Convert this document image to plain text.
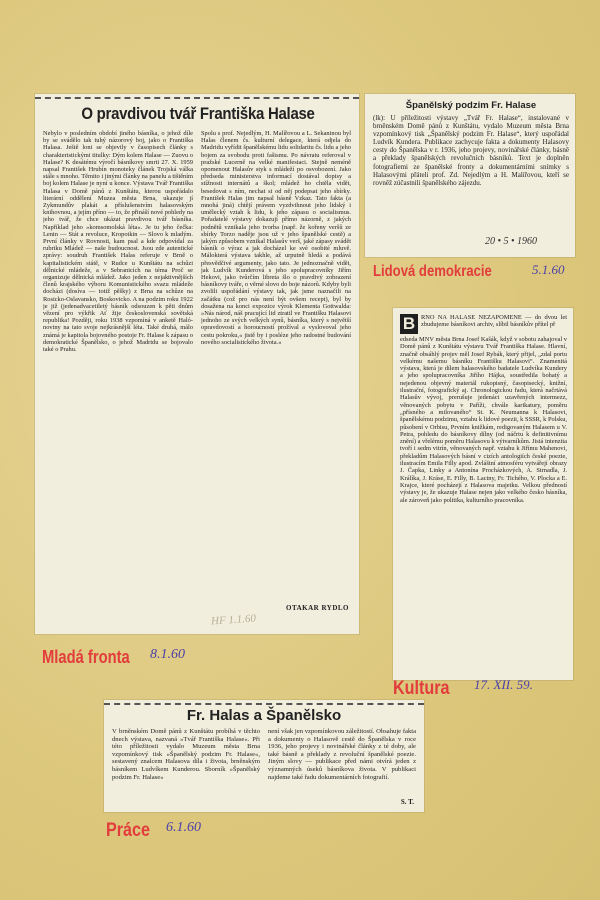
O pravdivou tvář Františka Halase

Nebylo v posledním období jiného básníka, o jehož díle by se svádělo tak tuhý názorový boj, jako o Františka Halasa. Ještě loni se objevily v časopisech články s charakteristickými titulky: Dým kolem Halase — Zuovu o Halase? K desátému výročí básníkovy smrti 27. X. 1959 napsal František Hrubín monoteky článek Trojská válka stále s mnoho. Těmito i jinými články na panelu a tištěním boj kolem Halase je nyní u konce. Výstava Tvář Františka Halasa v Domě pánů z Kunštátu, kterou uspořádalo literární oddělení Muzea města Brna, ukazuje jí Zykmundův plakát a příslušenstvím halasovským knihovnou, a jejím příno — to, že přináší nové pohledy na jeho tvář, že chce ukázat pravdivou tvář básníka. Například jeho »komsomolská léta«. Je tu jeho čečka: Lenin — Stát a revoluce, Kropotkin — Slovo k mladým. První články v Rovnosti, kam psal a kde odpovídal za rubriku Mládež — naše budoucnost. Jsou zde autentické zprávy: soudruh František Halas referuje v Brně o kapitalistickém státě, v Rudce u Kunštátu na schůzi dělnické mládeže, a v Sebranicích na téma Proč se organizuje dělnická mládež. Jako jeden z nejaktivnějších členů krajského výboru Komunistického svazu mládeže docházi (dosíva — totiž pěšky) z Brna na schůze na Rosicko-Oslavansko, Boskovicko. A na podzim roku 1922 je již (jedenadvacetiletý básník odsouzen k pěti dnům vězení pro výkřik Ať žije československá sovětská republika! Později, roku 1938 vzpomíná v anketě Haló-noviny na tato svoje nejkrásnější léta. Také druhá, málo známá je kapitola bojovného postoje Fr. Halase k zápasu o demokratické Španělsko, o jehož Madridu se bojovalo také o Prahu.

Spolu s prof. Nejedlým, H. Malířovou a L. Sekaninou byl Halas členem čs. kulturní delegace, která odjela do Madridu vyřídit španělskému lidu solidaritu čs. lidu a jeho bojem za svobodu proti fašismu. Po návratu referoval v pražské Lucerně na velké manifestaci. Stejně neméně opomenout Halasův styk s mládeží po osvobození. Jako předseda ministerstva informací dostával dopisy a stížnosti internátů a škol; mládež ho chtěla vidět, besedovat s ním, nechat si od něj podepsat jeho sbírky. František Halas jim napsal básně Vzkaz. Tato fakta (a mnohá jiná) chtějí právem vyzdvihnout jeho lidský i umělecký vztah k lidu, k jeho zápasu o socialismus. Pořadatelé výstavy dokazují přímo názorně, z jakých podnětů vznikala jeho tvorba (např. že kořeny veršů ze sbírky Torzo naděje jsou už v jeho španělské cestě) a jakým způsobem vznikal Halasův verš, jaké zápasy svádět básník o výraz a jak docházel ke své osobité mluvě. Málokterá výstava takhle, až urputně hledá a podává přesvědčivé argumenty, jako tato. Je jednoznačně vidět, jak Ludvík Kunderová s jeho spolupracovníky Jiřím Hekovi, jako tvůrčím libreta šlo o pravdivý zobrazení básníkovy tváře, o věrné slovo do boje názorů. Kdyby byli zvolili uspořádání výstavy tak, jak jsme naznačili na začátku (což pro nás není být ovšem recept), byl by dosažena na konci expozice výrok Klementa Gottwalda: »Nás národ, náš pracující lid ztratil ve Františku Halasovi jednoho ze svých velkých synů, básníka, který s největší opravdovostí a horoucností prožíval a vyslovoval jeho cestu pokroku,« jistě by i posléze jeho radostné budování nového socialistického života.«

OTAKAR RYDLO
HF 1.1.60
Mladá fronta 8.1.60
Španělský podzim Fr. Halase

(lk): U příležitosti výstavy „Tvář Fr. Halase“, instalované v brněnském Domě pánů z Kunštátu, vydalo Muzeum města Brna vzpomínkový tisk „Španělský podzim Fr. Halase“, který uspořádal Ludvík Kundera. Publikace zachycuje fakta a dokumenty Halasovy cesty do Španělska v r. 1936, jeho projevy, novinářské články, básně a překlady španělských revolučních básníků. Text je doplněn fotografiemi ze španělské fronty a dokumentárními snímky s Halasovými přáteli prof. Zd. Nejedlým a H. Malířovou, kteří se rovněž zúčastnili španělského zájezdu.

20 • 5 • 1960
Lidová demokracie	5.1.60
B RNO NA HALASE NEZAPOMENE — do dvou let zbudujeme básníkovi archiv, slíbil básníkův přítel př

edseda MNV města Brna Josef Kašák, když v sobotu zahajoval v Domě pánů z Kunštátu výstavu Tvář Františka Halase. Hlavní, značně obsáhlý projev měl Josef Rybák, který přijel, „zdal portu velkému našemu básníku Františku Halasovi“. Znamenitá výstava, která je dílem halasovského badatele Ludvíka Kundery a jeho spolupracovníka Jiřího Hájka, soustředila bohatý a nejedenou objevný materiál rukopisný, časopisecký, knižní, ilustrační, fotografický aj. Chronologickou řadu, která načrtává Halasův vývoj, prerušuje jedenáct uzavřených intermezz, věnovaných pobytu v Paříži, chvále karikatury, poměru „přísného a milovaného“ St. K. Neumanna k Halasovi, španělskému podzimu, vztahu k lidové poezii, k SSSR, k Polsku, působení v Orbisu, Prvním knižkám, redigovaným Halasem u V. Petra, pohledu do básníkovy dílny (od náčrtu k definitivnímu znění) a vřelému poměru Halasovu k výtvarníkům. Jistá intenzita tvoří i sedm vitrín, věnovaných např. vztahu k Jiřímu Mahenovi, překladům Halasových básní v cizích antologiích české poezie, ilustracím Emila Filly apod. Zvláštní atmosféru vytvářejí obrazy J. Čapka, Linky a Antonína Procházkových, A. Strnadla, J. Králíka, J. Kráse, E. Filly, B. Laciny, Fr. Tichého, V. Plocka a E. Krajce, které pocházejí z Halasova majetku. Velkou předností výstavy je, že ukazuje Halase nejen jako velkého česko básníka, ale zároveň jako politika, kulturního pracovníka.

Kultura 17. XII. 59.
Fr. Halas a Španělsko

V brněnském Domě pánů z Kunštátu probíhá v těchto dnech výstava, nazvaná »Tvář Františka Halase«. Při této příležitosti vydalo Muzeum města Brna vzpomínkový tisk »Španělský podzim Fr. Halase«, sestavený znalcem Halasova díla i života, brněnským básníkem Ludvíkem Kunderou. Sborník »Španělský podzim Fr. Halase«

není však jen vzpomínkovou záležitostí. Obsahuje fakta a dokumenty o Halasově cestě do Španělska v roce 1936, jeho projevy i novinářské články z té doby, ale také básně a překlady z revoluční španělské poezie. Jiným slovy — publikace před námi otvírá jeden z významných úseků básníkova života. V publikaci najdeme také řadu dokumentárních fotografií.

S. T.
Práce 6.1.60
